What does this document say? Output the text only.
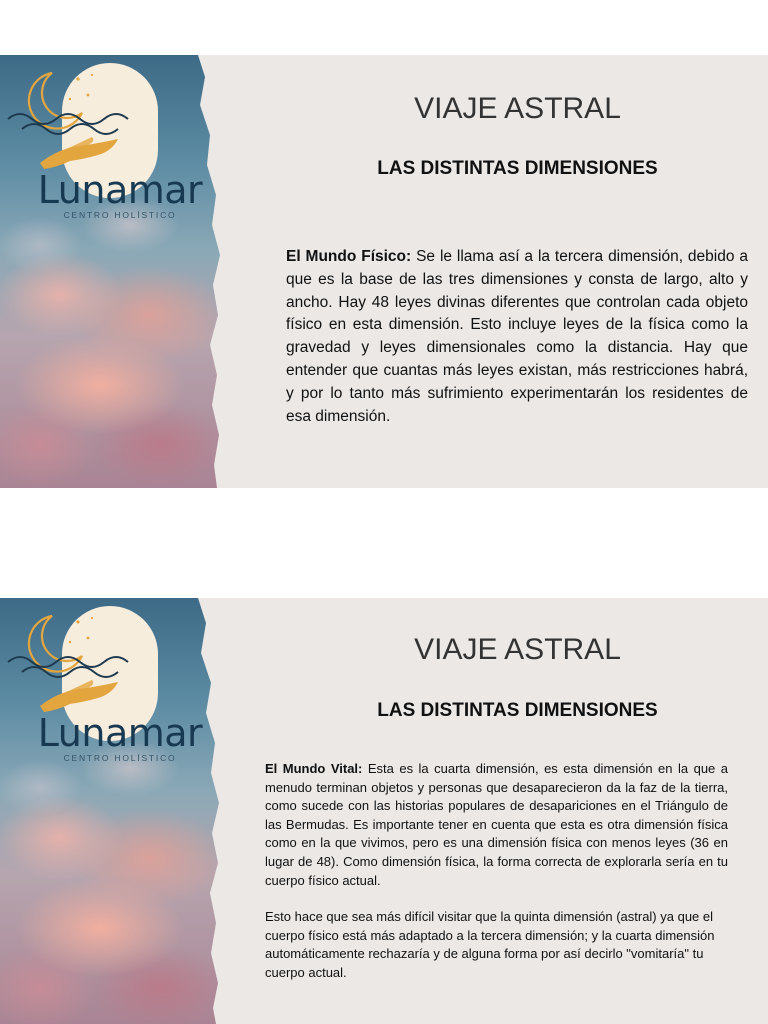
Lunamar
CENTRO HOLÍSTICO
VIAJE ASTRAL
LAS DISTINTAS DIMENSIONES
El Mundo Físico: Se le llama así a la tercera dimensión, debido a que es la base de las tres dimensiones y consta de largo, alto y ancho. Hay 48 leyes divinas diferentes que controlan cada objeto físico en esta dimensión. Esto incluye leyes de la física como la gravedad y leyes dimensionales como la distancia. Hay que entender que cuantas más leyes existan, más restricciones habrá, y por lo tanto más sufrimiento experimentarán los residentes de esa dimensión.
Lunamar
CENTRO HOLÍSTICO
VIAJE ASTRAL
LAS DISTINTAS DIMENSIONES
El Mundo Vital: Esta es la cuarta dimensión, es esta dimensión en la que a menudo terminan objetos y personas que desaparecieron da la faz de la tierra, como sucede con las historias populares de desapariciones en el Triángulo de las Bermudas. Es importante tener en cuenta que esta es otra dimensión física como en la que vivimos, pero es una dimensión física con menos leyes (36 en lugar de 48). Como dimensión física, la forma correcta de explorarla sería en tu cuerpo físico actual.
Esto hace que sea más difícil visitar que la quinta dimensión (astral) ya que el cuerpo físico está más adaptado a la tercera dimensión; y la cuarta dimensión automáticamente rechazaría y de alguna forma por así decirlo "vomitaría" tu cuerpo actual.
